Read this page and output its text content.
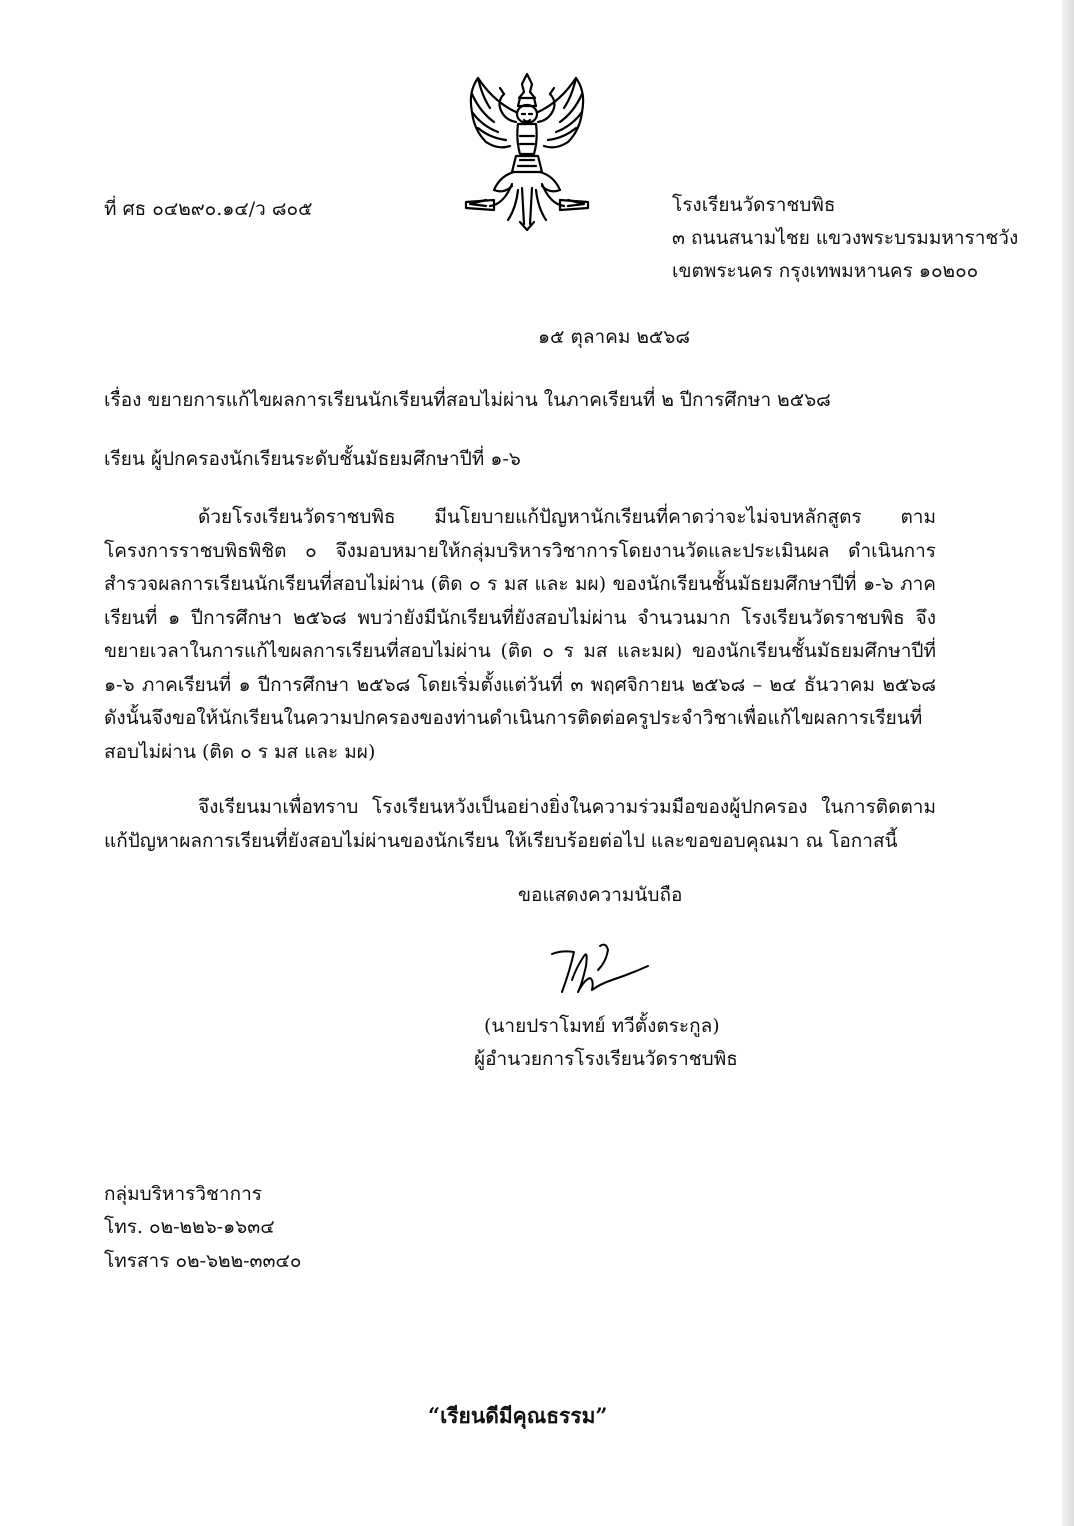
ที่ ศธ ๐๔๒๙๐.๑๔/ว ๘๐๕	โรงเรียนวัดราชบพิธ

๓ ถนนสนามไชย แขวงพระบรมมหาราชวัง

เขตพระนคร กรุงเทพมหานคร ๑๐๒๐๐

๑๕ ตุลาคม ๒๕๖๘

เรื่อง ขยายการแก้ไขผลการเรียนนักเรียนที่สอบไม่ผ่าน ในภาคเรียนที่ ๒ ปีการศึกษา ๒๕๖๘

เรียน ผู้ปกครองนักเรียนระดับชั้นมัธยมศึกษาปีที่ ๑-๖

ด้วยโรงเรียนวัดราชบพิธ มีนโยบายแก้ปัญหานักเรียนที่คาดว่าจะไม่จบหลักสูตร ตามโครงการราชบพิธพิชิต ๐ จึงมอบหมายให้กลุ่มบริหารวิชาการโดยงานวัดและประเมินผล ดำเนินการสำรวจผลการเรียนนักเรียนที่สอบไม่ผ่าน (ติด ๐ ร มส และ มผ) ของนักเรียนชั้นมัธยมศึกษาปีที่ ๑-๖ ภาคเรียนที่ ๑ ปีการศึกษา ๒๕๖๘ พบว่ายังมีนักเรียนที่ยังสอบไม่ผ่าน จำนวนมาก โรงเรียนวัดราชบพิธ จึงขยายเวลาในการแก้ไขผลการเรียนที่สอบไม่ผ่าน (ติด ๐ ร มส และมผ) ของนักเรียนชั้นมัธยมศึกษาปีที่ ๑-๖ ภาคเรียนที่ ๑ ปีการศึกษา ๒๕๖๘ โดยเริ่มตั้งแต่วันที่ ๓ พฤศจิกายน ๒๕๖๘ – ๒๔ ธันวาคม ๒๕๖๘ ดังนั้นจึงขอให้นักเรียนในความปกครองของท่านดำเนินการติดต่อครูประจำวิชาเพื่อแก้ไขผลการเรียนที่สอบไม่ผ่าน (ติด ๐ ร มส และ มผ)

จึงเรียนมาเพื่อทราบ โรงเรียนหวังเป็นอย่างยิ่งในความร่วมมือของผู้ปกครอง ในการติดตามแก้ปัญหาผลการเรียนที่ยังสอบไม่ผ่านของนักเรียน ให้เรียบร้อยต่อไป และขอขอบคุณมา ณ โอกาสนี้

ขอแสดงความนับถือ

(นายปราโมทย์ ทวีตั้งตระกูล)

ผู้อำนวยการโรงเรียนวัดราชบพิธ

กลุ่มบริหารวิชาการ

โทร. ๐๒-๒๒๖-๑๖๓๔

โทรสาร ๐๒-๖๒๒-๓๓๔๐

“เรียนดีมีคุณธรรม”
